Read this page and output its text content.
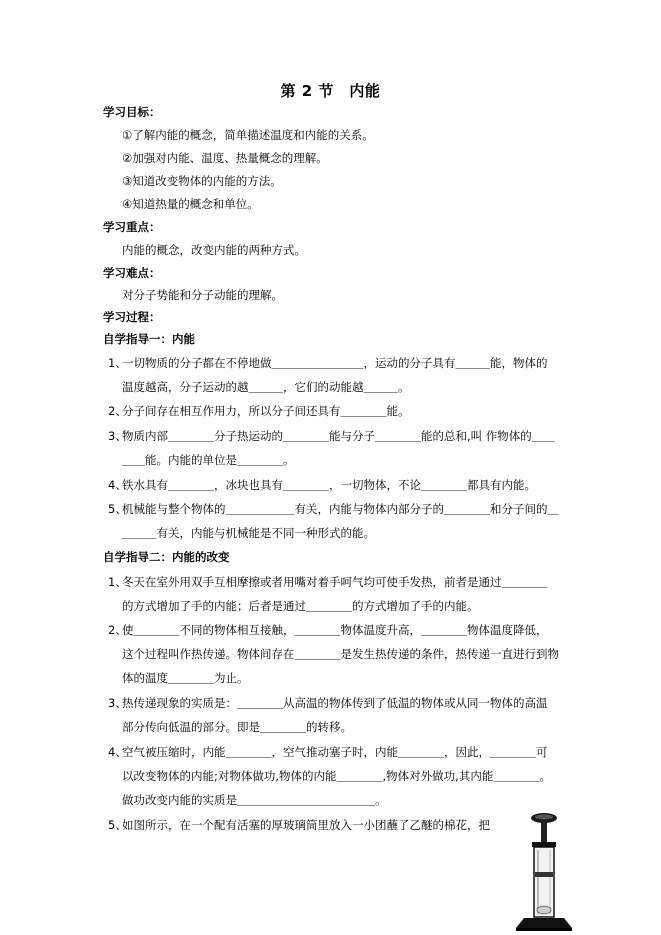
第 2 节　内能
学习目标：
①了解内能的概念，简单描述温度和内能的关系。
②加强对内能、温度、热量概念的理解。
③知道改变物体的内能的方法。
④知道热量的概念和单位。
学习重点：
内能的概念，改变内能的两种方式。
学习难点：
对分子势能和分子动能的理解。
学习过程：
自学指导一：内能
1、
一切物质的分子都在不停地做＿＿＿＿＿＿＿＿，运动的分子具有＿＿＿能，物体的
温度越高，分子运动的越＿＿＿，它们的动能越＿＿＿。
2、
分子间存在相互作用力，所以分子间还具有＿＿＿＿能。
3、
物质内部＿＿＿＿分子热运动的＿＿＿＿能与分子＿＿＿＿能的总和,叫 作物体的＿＿
＿＿能。内能的单位是＿＿＿＿。
4、
铁水具有＿＿＿＿，冰块也具有＿＿＿＿，一切物体，不论＿＿＿＿都具有内能。
5、
机械能与整个物体的＿＿＿＿＿＿有关，内能与物体内部分子的＿＿＿＿和分子间的＿
＿＿＿有关，内能与机械能是不同一种形式的能。
自学指导二：内能的改变
1、
冬天在室外用双手互相摩擦或者用嘴对着手呵气均可使手发热，前者是通过＿＿＿＿
的方式增加了手的内能；后者是通过＿＿＿＿的方式增加了手的内能。
2、
使＿＿＿＿不同的物体相互接触，＿＿＿＿物体温度升高，＿＿＿＿物体温度降低，
这个过程叫作热传递。物体间存在＿＿＿＿是发生热传递的条件，热传递一直进行到物
体的温度＿＿＿＿为止。
3、
热传递现象的实质是：＿＿＿＿从高温的物体传到了低温的物体或从同一物体的高温
部分传向低温的部分。即是＿＿＿＿的转移。
4、
空气被压缩时，内能＿＿＿＿，空气推动塞子时，内能＿＿＿＿，因此，＿＿＿＿可
以改变物体的内能;对物体做功,物体的内能＿＿＿＿,物体对外做功,其内能＿＿＿＿。
做功改变内能的实质是＿＿＿＿＿＿＿＿＿＿＿＿。
5、
如图所示，在一个配有活塞的厚玻璃筒里放入一小团蘸了乙醚的棉花，把
